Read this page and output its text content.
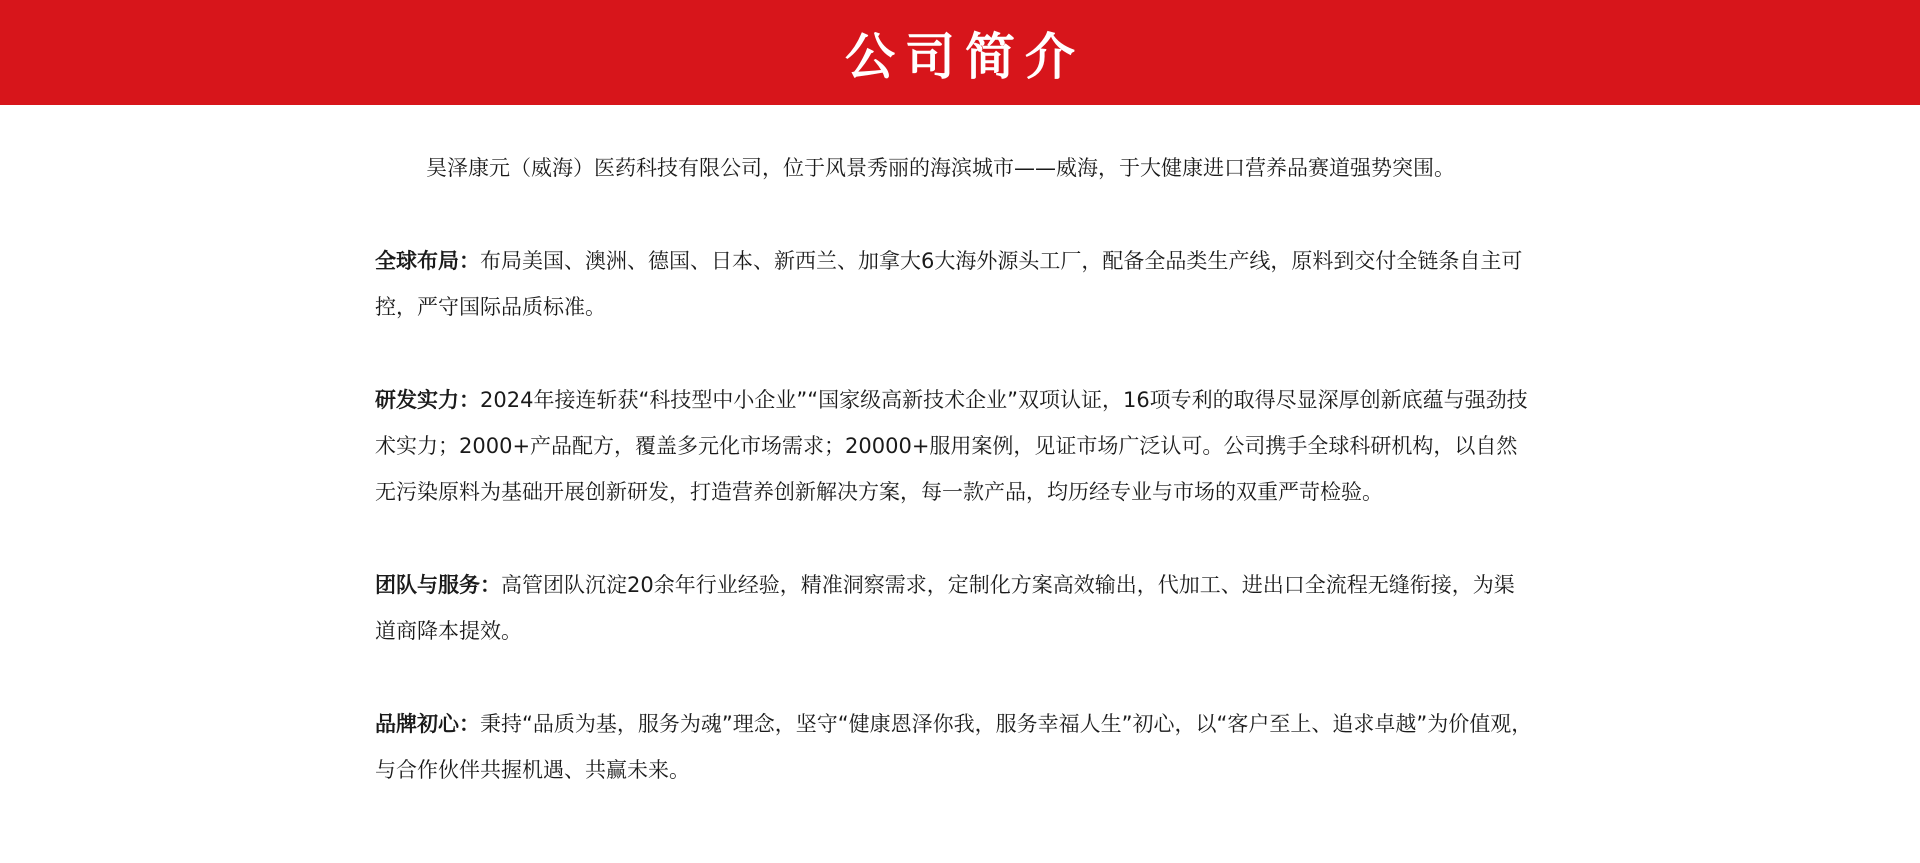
公司简介

昊泽康元（威海）医药科技有限公司，位于风景秀丽的海滨城市——威海，于大健康进口营养品赛道强势突围。

全球布局：布局美国、澳洲、德国、日本、新西兰、加拿大6大海外源头工厂，配备全品类生产线，原料到交付全链条自主可控，严守国际品质标准。

研发实力：2024年接连斩获“科技型中小企业”“国家级高新技术企业”双项认证，16项专利的取得尽显深厚创新底蕴与强劲技术实力；2000+产品配方，覆盖多元化市场需求；20000+服用案例，见证市场广泛认可。公司携手全球科研机构，以自然无污染原料为基础开展创新研发，打造营养创新解决方案，每一款产品，均历经专业与市场的双重严苛检验。

团队与服务：高管团队沉淀20余年行业经验，精准洞察需求，定制化方案高效输出，代加工、进出口全流程无缝衔接，为渠道商降本提效。

品牌初心：秉持“品质为基，服务为魂”理念，坚守“健康恩泽你我，服务幸福人生”初心，以“客户至上、追求卓越”为价值观，与合作伙伴共握机遇、共赢未来。
